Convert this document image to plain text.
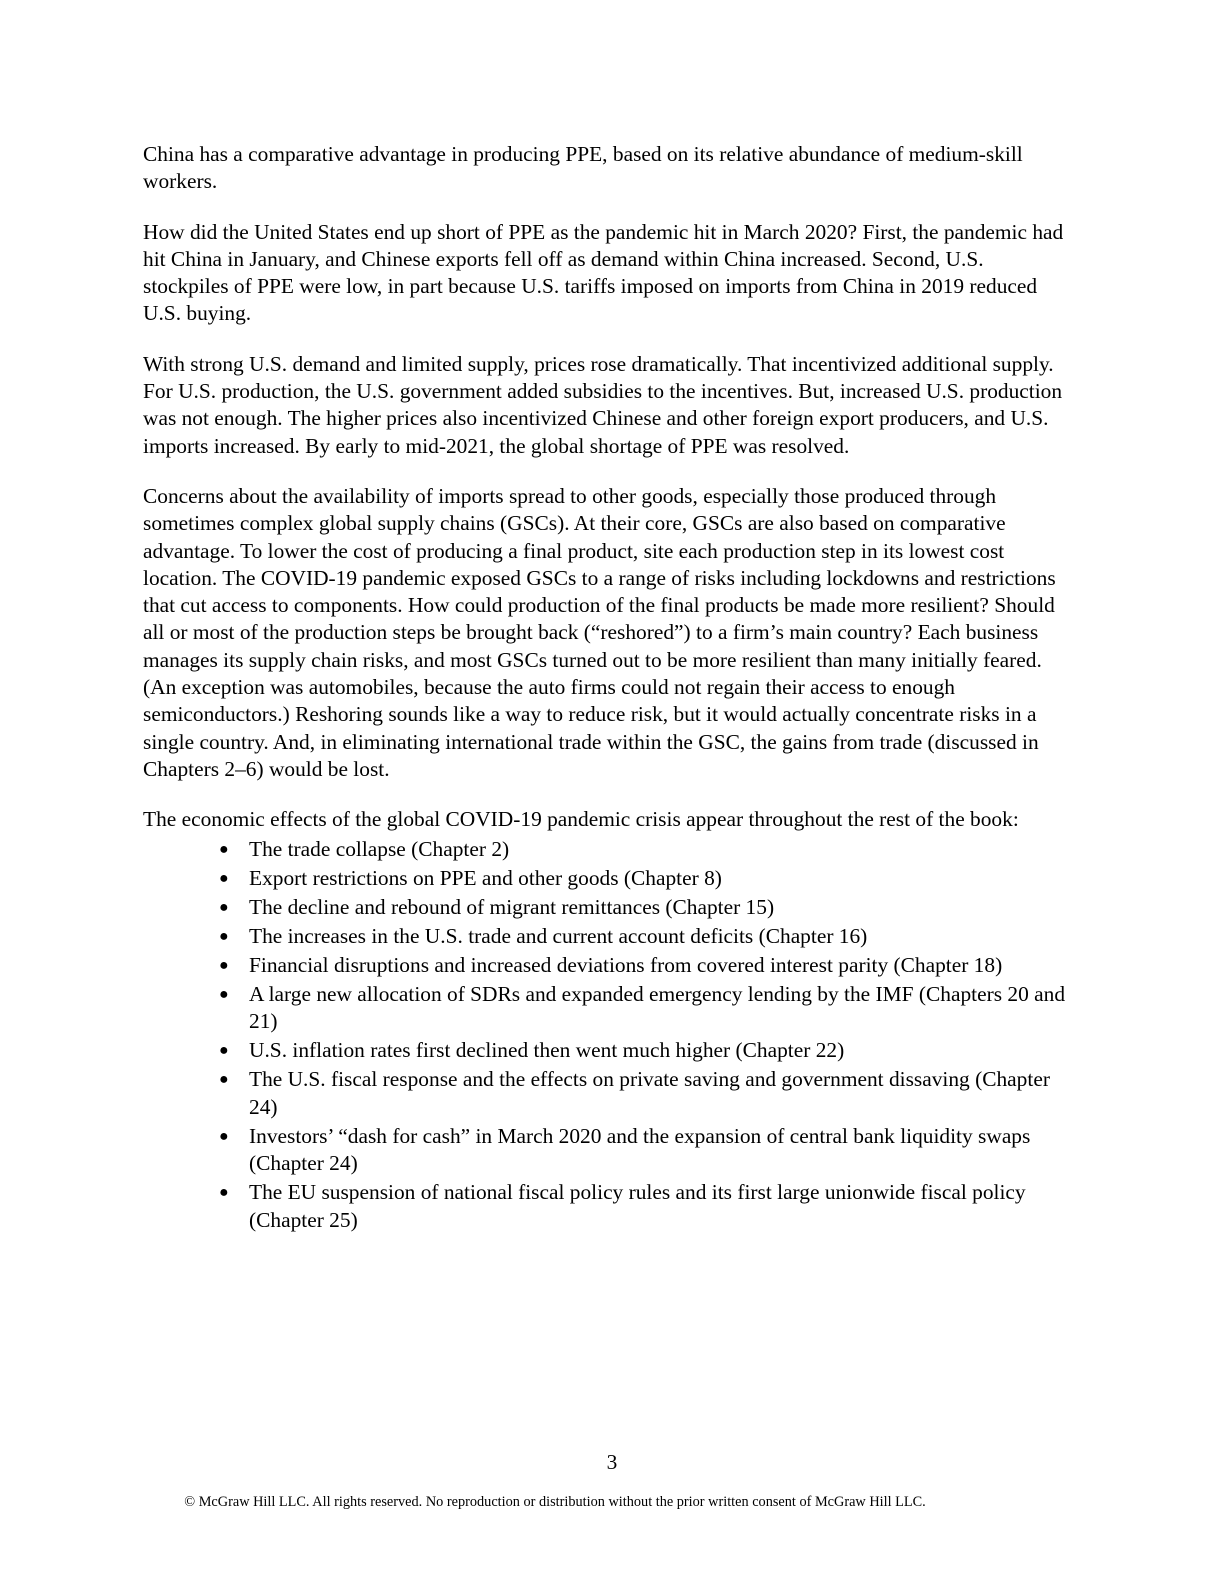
China has a comparative advantage in producing PPE, based on its relative abundance of medium-skill workers.

How did the United States end up short of PPE as the pandemic hit in March 2020? First, the pandemic had hit China in January, and Chinese exports fell off as demand within China increased. Second, U.S. stockpiles of PPE were low, in part because U.S. tariffs imposed on imports from China in 2019 reduced U.S. buying.

With strong U.S. demand and limited supply, prices rose dramatically. That incentivized additional supply. For U.S. production, the U.S. government added subsidies to the incentives. But, increased U.S. production was not enough. The higher prices also incentivized Chinese and other foreign export producers, and U.S. imports increased. By early to mid-2021, the global shortage of PPE was resolved.

Concerns about the availability of imports spread to other goods, especially those produced through sometimes complex global supply chains (GSCs). At their core, GSCs are also based on comparative advantage. To lower the cost of producing a final product, site each production step in its lowest cost location. The COVID-19 pandemic exposed GSCs to a range of risks including lockdowns and restrictions that cut access to components. How could production of the final products be made more resilient? Should all or most of the production steps be brought back (“reshored”) to a firm’s main country? Each business manages its supply chain risks, and most GSCs turned out to be more resilient than many initially feared. (An exception was automobiles, because the auto firms could not regain their access to enough semiconductors.) Reshoring sounds like a way to reduce risk, but it would actually concentrate risks in a single country. And, in eliminating international trade within the GSC, the gains from trade (discussed in Chapters 2–6) would be lost.

The economic effects of the global COVID-19 pandemic crisis appear throughout the rest of the book:

● The trade collapse (Chapter 2)
● Export restrictions on PPE and other goods (Chapter 8)
● The decline and rebound of migrant remittances (Chapter 15)
● The increases in the U.S. trade and current account deficits (Chapter 16)
● Financial disruptions and increased deviations from covered interest parity (Chapter 18)
● A large new allocation of SDRs and expanded emergency lending by the IMF (Chapters 20 and 21)
● U.S. inflation rates first declined then went much higher (Chapter 22)
● The U.S. fiscal response and the effects on private saving and government dissaving (Chapter 24)
● Investors’ “dash for cash” in March 2020 and the expansion of central bank liquidity swaps (Chapter 24)
● The EU suspension of national fiscal policy rules and its first large unionwide fiscal policy (Chapter 25)
3
© McGraw Hill LLC. All rights reserved. No reproduction or distribution without the prior written consent of McGraw Hill LLC.
